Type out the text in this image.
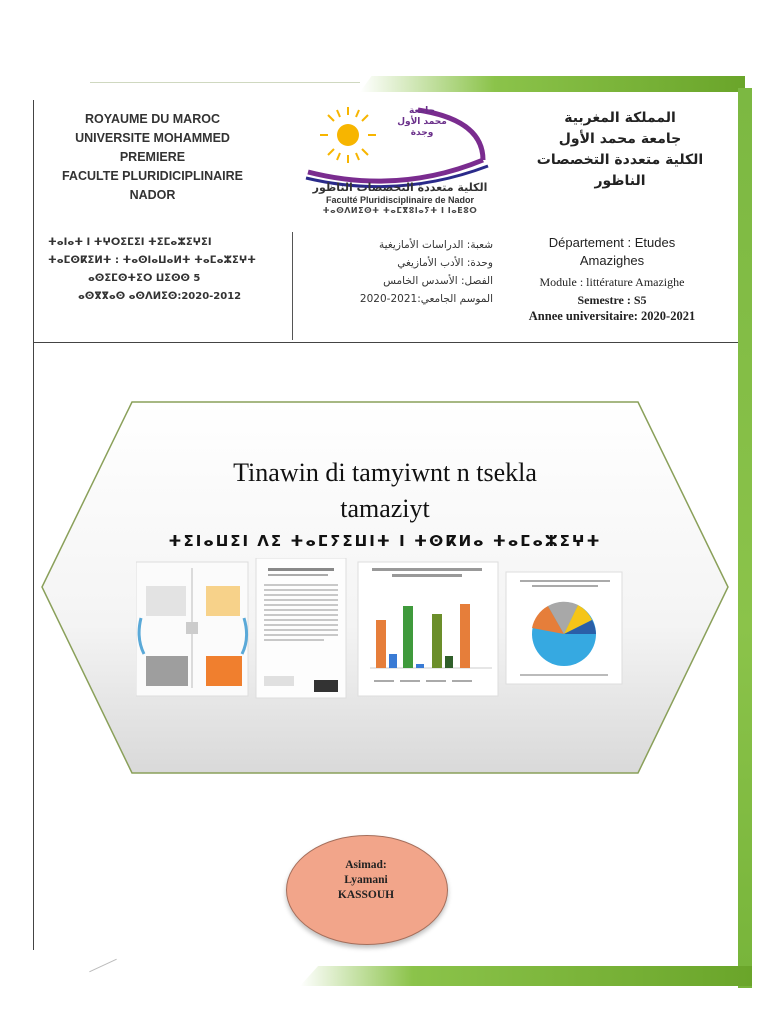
ROYAUME DU MAROC
UNIVERSITE MOHAMMED
PREMIERE
FACULTE PLURIDICIPLINAIRE
NADOR
جامعة
محمد الأول
وجدة
الكلية متعددة التخصصات الناظور
Faculté Pluridisciplinaire de Nador
ⵜⴰⵙⴷⵍⵉⵙⵜ ⵜⴰⵎⴳⵓⵏⴰⵢⵜ ⵏ ⵏⴰⴹⵓⵔ
المملكة المغربية
جامعة محمد الأول
الكلية متعددة التخصصات
الناظور
ⵜⴰⵏⴰⵜ ⵏ ⵜⵖⵔⵉⵎⵉⵏ ⵜⵉⵎⴰⵣⵉⵖⵉⵏ
ⵜⴰⵎⵙⴽⵉⵍⵜ : ⵜⴰⵙⵏⴰⵡⴰⵍⵜ ⵜⴰⵎⴰⵣⵉⵖⵜ
ⴰⵙⵉⵎⵙⵜⵉⵔ ⵡⵉⵙⵙ 5
ⴰⵙⴳⴳⴰⵙ ⴰⵙⴷⵍⵉⵙ:2020-2012
شعبة: الدراسات الأمازيغية
وحدة: الأدب الأمازيغي
الفصل: الأسدس الخامس
الموسم الجامعي:2021-2020
Département : Etudes Amazighes
Module : littérature Amazighe
Semestre : S5
Annee universitaire: 2020-2021
Tinawin di tamyiwnt n tsekla
tamaziyt
ⵜⵉⵏⴰⵡⵉⵏ ⴷⵉ ⵜⴰⵎⵢⵉⵡⵏⵜ ⵏ ⵜⵙⴽⵍⴰ ⵜⴰⵎⴰⵣⵉⵖⵜ
Asimad:
Lyamani
KASSOUH
